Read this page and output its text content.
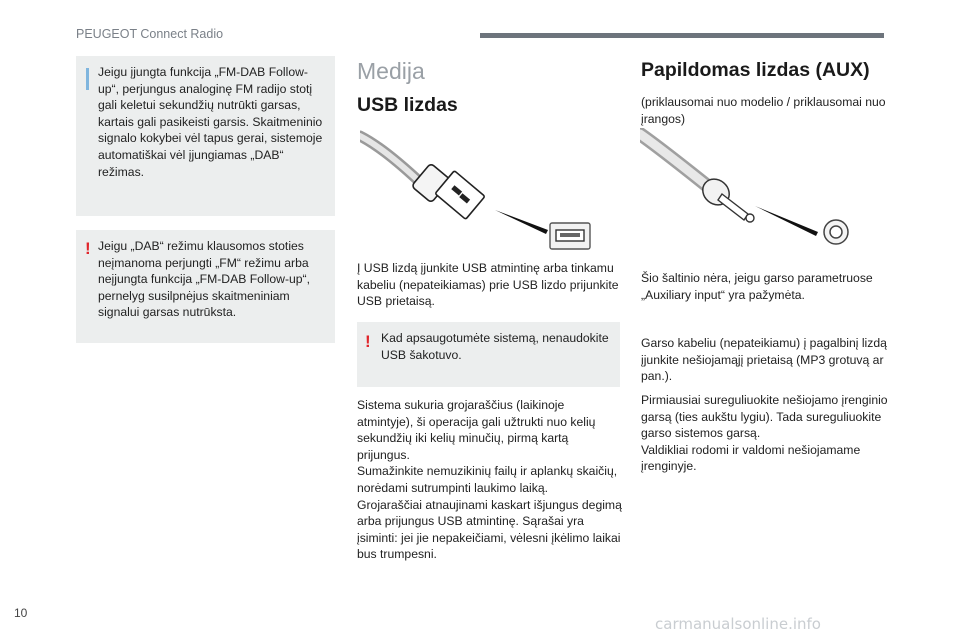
PEUGEOT Connect Radio
Jeigu įjungta funkcija „FM-DAB Follow-up“, perjungus analoginę FM radijo stotį gali keletui sekundžių nutrūkti garsas, kartais gali pasikeisti garsis. Skaitmeninio signalo kokybei vėl tapus gerai, sistemoje automatiškai vėl įjungiamas „DAB“ režimas.
! Jeigu „DAB“ režimu klausomos stoties neįmanoma perjungti „FM“ režimu arba neįjungta funkcija „FM-DAB Follow-up“, pernelyg susilpnėjus skaitmeniniam signalui garsas nutrūksta.
Medija
USB lizdas
Į USB lizdą įjunkite USB atmintinę arba tinkamu kabeliu (nepateikiamas) prie USB lizdo prijunkite USB prietaisą.
! Kad apsaugotumėte sistemą, nenaudokite USB šakotuvo.
Sistema sukuria grojaraščius (laikinoje atmintyje), ši operacija gali užtrukti nuo kelių sekundžių iki kelių minučių, pirmą kartą prijungus.
Sumažinkite nemuzikinių failų ir aplankų skaičių, norėdami sutrumpinti laukimo laiką.
Grojaraščiai atnaujinami kaskart išjungus degimą arba prijungus USB atmintinę. Sąrašai yra įsiminti: jei jie nepakeičiami, vėlesni įkėlimo laikai bus trumpesni.
Papildomas lizdas (AUX)
(priklausomai nuo modelio / priklausomai nuo įrangos)
Šio šaltinio nėra, jeigu garso parametruose „Auxiliary input“ yra pažymėta.
Garso kabeliu (nepateikiamu) į pagalbinį lizdą įjunkite nešiojamąjį prietaisą (MP3 grotuvą ar pan.).
Pirmiausiai sureguliuokite nešiojamo įrenginio garsą (ties aukštu lygiu). Tada sureguliuokite garso sistemos garsą.
Valdikliai rodomi ir valdomi nešiojamame įrenginyje.
10
carmanualsonline.info
